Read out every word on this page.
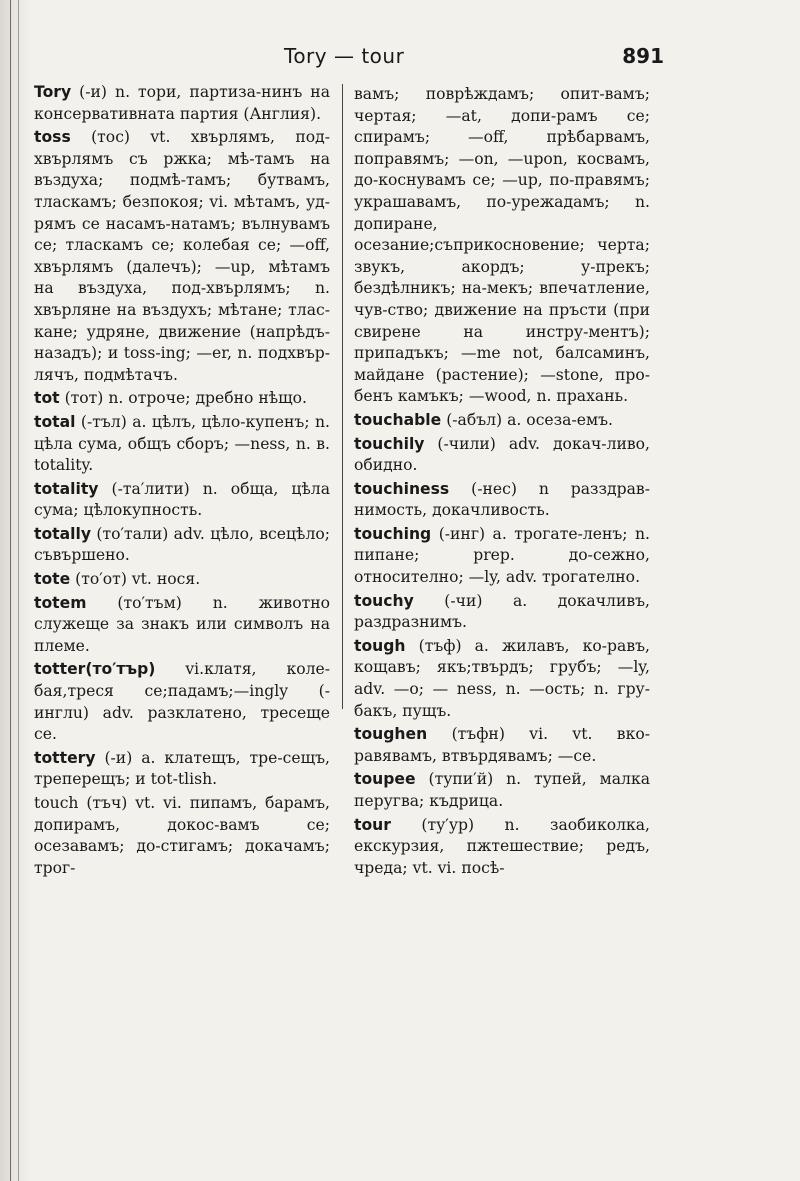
Tory — tour	891

Tory (-и) n. тори, партиза-нинъ на консервативната партия (Англия).

toss (тос) vt. хвърлямъ, под-хвърлямъ съ ржка; мѣ-тамъ на въздуха; подмѣ-тамъ; бутвамъ, тласкамъ; безпокоя; vi. мѣтамъ, уд-рямъ се насамъ-натамъ; вълнувамъ се; тласкамъ се; колебая се; —off, хвърлямъ (далечъ); —up, мѣтамъ на въздуха, под-хвърлямъ; n. хвърляне на въздухъ; мѣтане; тлас-кане; удряне, движение (напрѣдъ-назадъ); и toss-ing; —er, n. подхвър-лячъ, подмѣтачъ.

tot (тот) n. отроче; дребно нѣщо.

total (-тъл) a. цѣлъ, цѣло-купенъ; n. цѣла сума, общъ сборъ; —ness, n. в. totality.

totality (-та′лити) n. обща, цѣла сума; цѣлокупность.

totally (то′тали) adv. цѣло, всецѣло; съвършено.

tote (то′от) vt. нося.

totem (то′тъм) n. животно служеще за знакъ или символъ на племе.

totter(то′тър) vi.клатя, коле-бая,треся се;падамъ;—ingly (-инглu) adv. разклатено, тресеще се.

tottery (-и) a. клатещъ, тре-сещъ, треперещъ; и tot-tlish.

touch (тъч) vt. vi. пипамъ, барамъ, допирамъ, докос-вамъ се; осезавамъ; до-стигамъ; докачамъ; трог-

вамъ; поврѣждамъ; опит-вамъ; чертая; —at, допи-рамъ се; спирамъ; —off, прѣбарвамъ, поправямъ; —on, —upon, косвамъ, до-коснувамъ се; —up, по-правямъ; украшавамъ, по-урежадамъ; n. допиране, осезание;съприкосновение; черта; звукъ, акордъ; у-прекъ; бездѣлникъ; на-мекъ; впечатление, чув-ство; движение на пръсти (при свирене на инстру-ментъ); припадъкъ; —me not, балсаминъ, майдане (растение); —stone, про-бенъ камъкъ; —wood, n. прахань.

touchable (-абъл) a. осеза-емъ.

touchily (-чили) adv. докач-ливо, обидно.

touchiness (-нес) n разздрав-нимость, докачливость.

touching (-инг) a. трогате-ленъ; n. пипане; prep. до-сежно, относително; —ly, adv. трогателно.

touchy (-чи) a. докачливъ, раздразнимъ.

tough (тъф) a. жилавъ, ко-равъ, кощавъ; якъ;твърдъ; грубъ; —ly, adv. —o; — ness, n. —ость; n. гру-бакъ, пущъ.

toughen (тъфн) vi. vt. вко-равявамъ, втвърдявамъ; —се.

toupee (тупи′й) n. тупей, малка перугва; къдрица.

tour (ту′ур) n. заобиколка, екскурзия, пжтешествие; редъ, чреда; vt. vi. посѣ-
